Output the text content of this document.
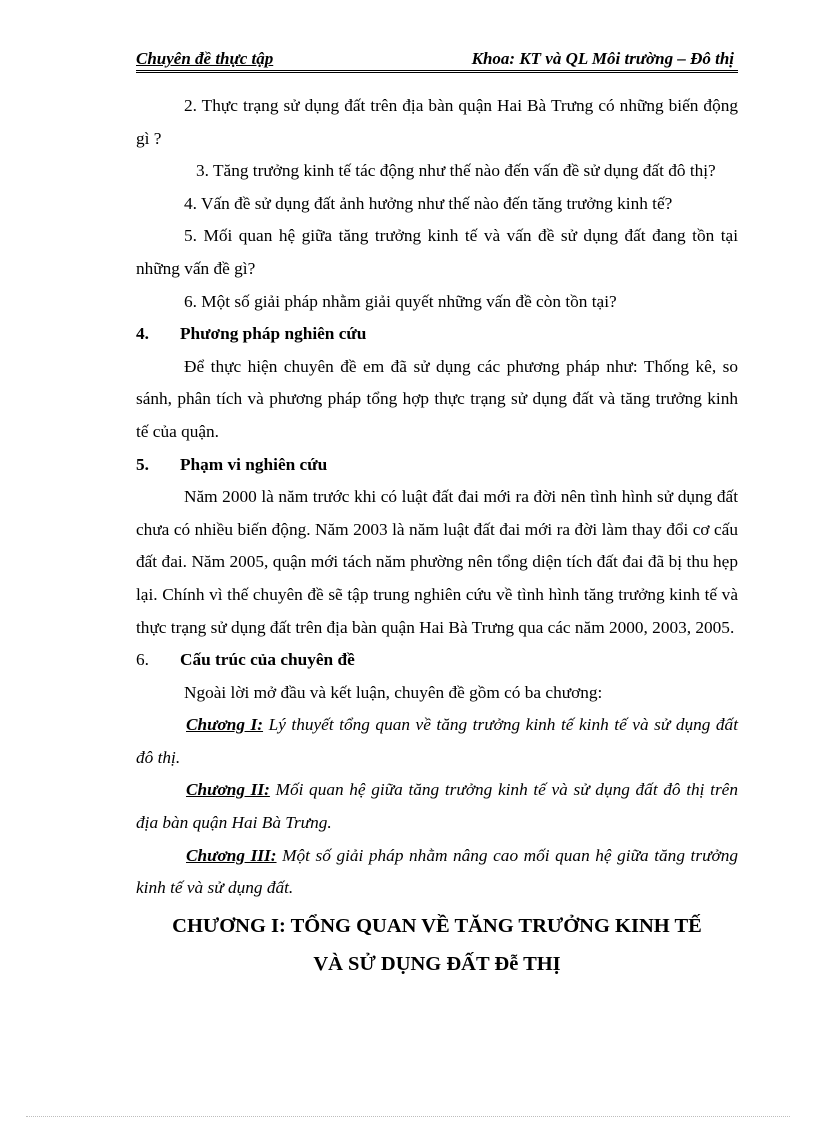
Chuyên đề thực tập	Khoa: KT và QL Môi trường – Đô thị

2. Thực trạng sử dụng đất trên địa bàn quận Hai Bà Trưng có những biến động gì ?

3. Tăng trưởng kinh tế tác động như thế nào đến vấn đề sử dụng đất đô thị?

4. Vấn đề sử dụng đất ảnh hưởng như thế nào đến tăng trưởng kinh tế?

5. Mối quan hệ giữa tăng trưởng kinh tế và vấn đề sử dụng đất đang tồn tại những vấn đề gì?

6. Một số giải pháp nhằm giải quyết những vấn đề còn tồn tại?

4.	Phương pháp nghiên cứu

Để thực hiện chuyên đề em đã sử dụng các phương pháp như: Thống kê, so sánh, phân tích và phương pháp tổng hợp thực trạng sử dụng đất và tăng trưởng kinh tế của quận.

5.	Phạm vi nghiên cứu

Năm 2000 là năm trước khi có luật đất đai mới ra đời nên tình hình sử dụng đất chưa có nhiều biến động. Năm 2003 là năm luật đất đai mới ra đời làm thay đổi cơ cấu đất đai. Năm 2005, quận mới tách năm phường nên tổng diện tích đất đai đã bị thu hẹp lại. Chính vì thế chuyên đề sẽ tập trung nghiên cứu về tình hình tăng trưởng kinh tế và thực trạng sử dụng đất trên địa bàn quận Hai Bà Trưng qua các năm 2000, 2003, 2005.

6.	Cấu trúc của chuyên đề

Ngoài lời mở đầu và kết luận, chuyên đề gồm có ba chương:

Chương I: Lý thuyết tổng quan về tăng trưởng kinh tế kinh tế và sử dụng đất đô thị.

Chương II: Mối quan hệ giữa tăng trưởng kinh tế và sử dụng đất đô thị trên địa bàn quận Hai Bà Trưng.

Chương III: Một số giải pháp nhằm nâng cao mối quan hệ giữa tăng trưởng kinh tế và sử dụng đất.

CHƯƠNG I: TỔNG QUAN VỀ TĂNG TRƯỞNG KINH TẾ

VÀ SỬ DỤNG ĐẤT Đễ THỊ
